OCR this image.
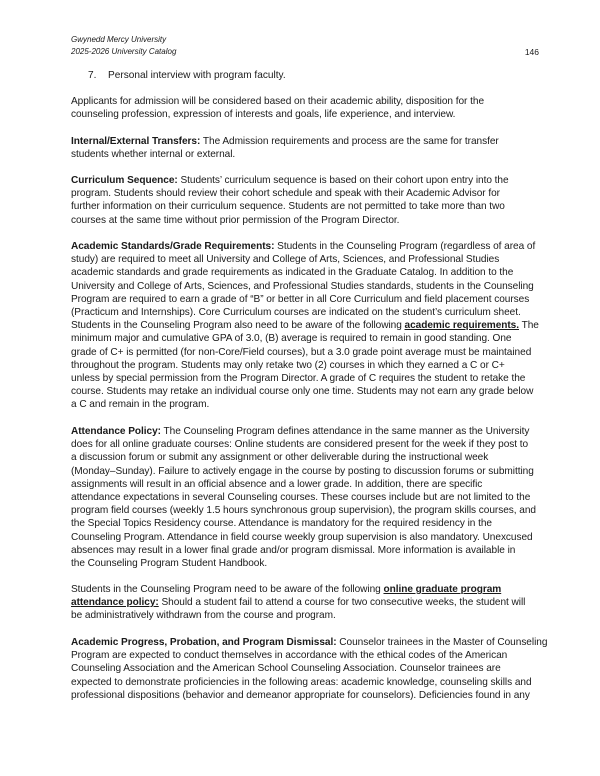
Gwynedd Mercy University
2025-2026 University Catalog	146
7. Personal interview with program faculty.
Applicants for admission will be considered based on their academic ability, disposition for the
counseling profession, expression of interests and goals, life experience, and interview.
Internal/External Transfers: The Admission requirements and process are the same for transfer
students whether internal or external.
Curriculum Sequence: Students’ curriculum sequence is based on their cohort upon entry into the
program. Students should review their cohort schedule and speak with their Academic Advisor for
further information on their curriculum sequence. Students are not permitted to take more than two
courses at the same time without prior permission of the Program Director.
Academic Standards/Grade Requirements: Students in the Counseling Program (regardless of area of
study) are required to meet all University and College of Arts, Sciences, and Professional Studies
academic standards and grade requirements as indicated in the Graduate Catalog. In addition to the
University and College of Arts, Sciences, and Professional Studies standards, students in the Counseling
Program are required to earn a grade of “B” or better in all Core Curriculum and field placement courses
(Practicum and Internships). Core Curriculum courses are indicated on the student’s curriculum sheet.
Students in the Counseling Program also need to be aware of the following academic requirements. The
minimum major and cumulative GPA of 3.0, (B) average is required to remain in good standing. One
grade of C+ is permitted (for non-Core/Field courses), but a 3.0 grade point average must be maintained
throughout the program. Students may only retake two (2) courses in which they earned a C or C+
unless by special permission from the Program Director. A grade of C requires the student to retake the
course. Students may retake an individual course only one time. Students may not earn any grade below
a C and remain in the program.
Attendance Policy: The Counseling Program defines attendance in the same manner as the University
does for all online graduate courses: Online students are considered present for the week if they post to
a discussion forum or submit any assignment or other deliverable during the instructional week
(Monday–Sunday). Failure to actively engage in the course by posting to discussion forums or submitting
assignments will result in an official absence and a lower grade. In addition, there are specific
attendance expectations in several Counseling courses. These courses include but are not limited to the
program field courses (weekly 1.5 hours synchronous group supervision), the program skills courses, and
the Special Topics Residency course. Attendance is mandatory for the required residency in the
Counseling Program. Attendance in field course weekly group supervision is also mandatory. Unexcused
absences may result in a lower final grade and/or program dismissal. More information is available in
the Counseling Program Student Handbook.
Students in the Counseling Program need to be aware of the following online graduate program
attendance policy: Should a student fail to attend a course for two consecutive weeks, the student will
be administratively withdrawn from the course and program.
Academic Progress, Probation, and Program Dismissal: Counselor trainees in the Master of Counseling
Program are expected to conduct themselves in accordance with the ethical codes of the American
Counseling Association and the American School Counseling Association. Counselor trainees are
expected to demonstrate proficiencies in the following areas: academic knowledge, counseling skills and
professional dispositions (behavior and demeanor appropriate for counselors). Deficiencies found in any
